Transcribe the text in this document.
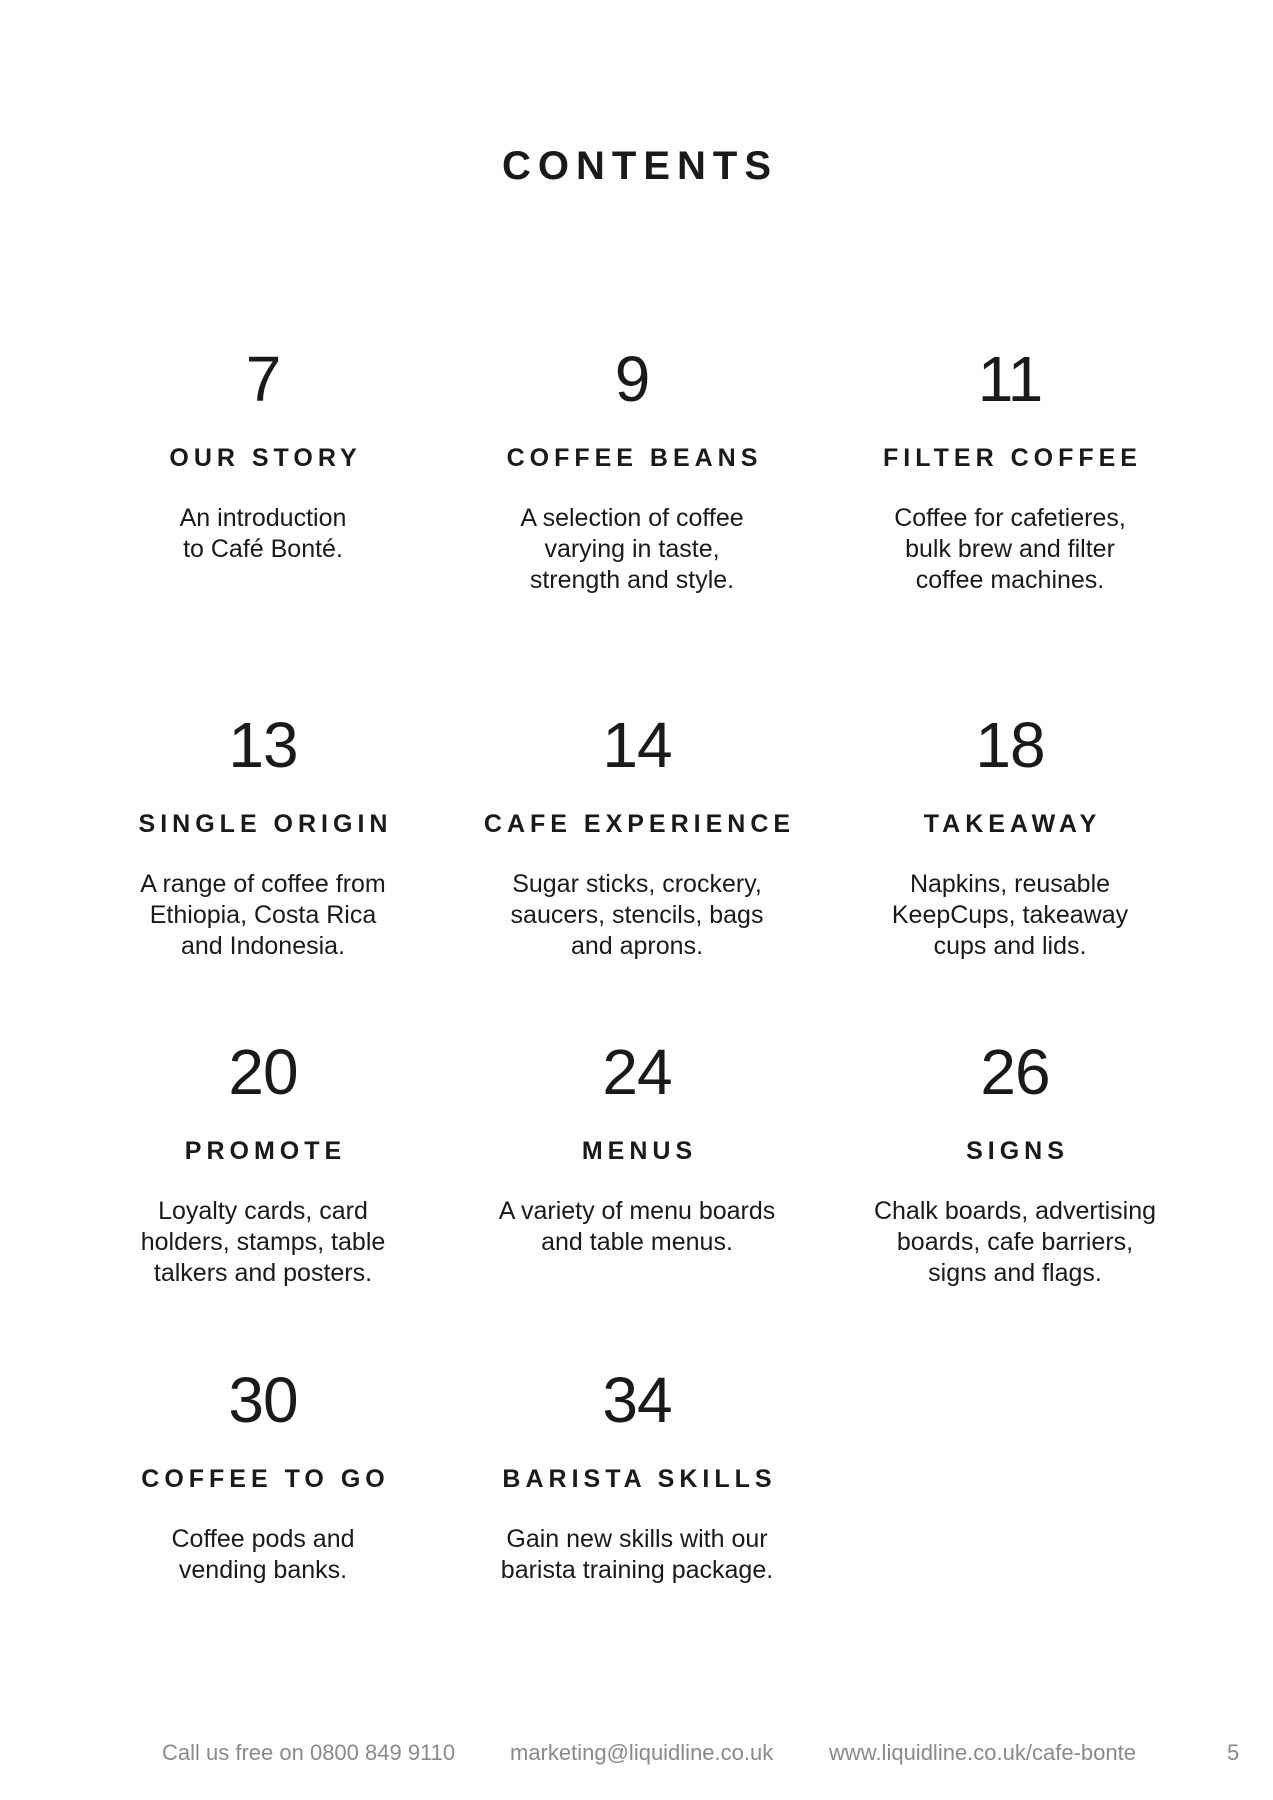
CONTENTS
7
OUR STORY
An introduction
to Café Bonté.
9
COFFEE BEANS
A selection of coffee
varying in taste,
strength and style.
11
FILTER COFFEE
Coffee for cafetieres,
bulk brew and filter
coffee machines.
13
SINGLE ORIGIN
A range of coffee from
Ethiopia, Costa Rica
and Indonesia.
14
CAFE EXPERIENCE
Sugar sticks, crockery,
saucers, stencils, bags
and aprons.
18
TAKEAWAY
Napkins, reusable
KeepCups, takeaway
cups and lids.
20
PROMOTE
Loyalty cards, card
holders, stamps, table
talkers and posters.
24
MENUS
A variety of menu boards
and table menus.
26
SIGNS
Chalk boards, advertising
boards, cafe barriers,
signs and flags.
30
COFFEE TO GO
Coffee pods and
vending banks.
34
BARISTA SKILLS
Gain new skills with our
barista training package.
Call us free on 0800 849 9110 marketing@liquidline.co.uk	www.liquidline.co.uk/cafe-bonte	5
